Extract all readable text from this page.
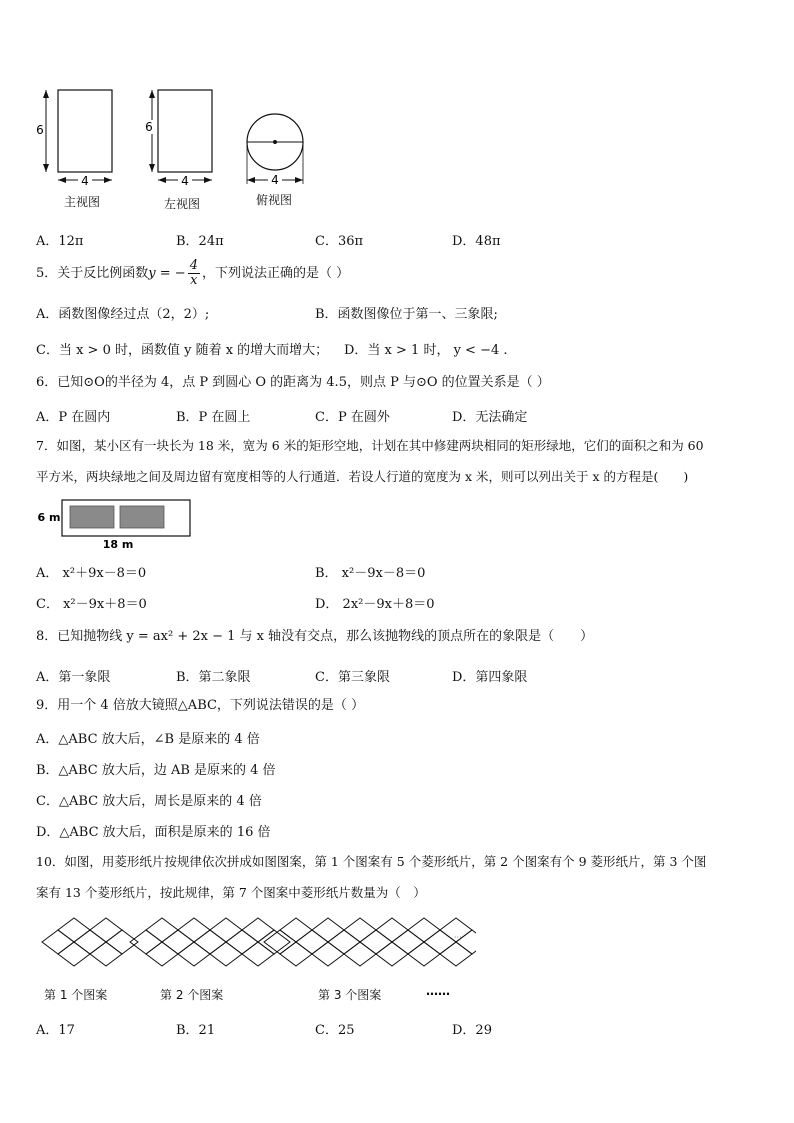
6
4
6
4	4
主视图	左视图	俯视图
A．12π	B．24π	C．36π	D．48π
5．关于反比例函数y = − $\frac{4}{x}$ ，下列说法正确的是（ ）
A．函数图像经过点（2，2）;	B．函数图像位于第一、三象限;
C．当 x > 0 时，函数值 y 随着 x 的增大而增大； D．当 x > 1 时， y < −4 .
6．已知⊙O的半径为 4，点 P 到圆心 O 的距离为 4.5，则点 P 与⊙O 的位置关系是（ ）
A．P 在圆内	B．P 在圆上	C．P 在圆外	D．无法确定
7．如图，某小区有一块长为 18 米，宽为 6 米的矩形空地，计划在其中修建两块相同的矩形绿地，它们的面积之和为 60
平方米，两块绿地之间及周边留有宽度相等的人行通道．若设人行道的宽度为 x 米，则可以列出关于 x 的方程是(　　)
6 m
18 m
A． x²＋9x－8＝0	B． x²－9x－8＝0
C． x²－9x＋8＝0	D． 2x²－9x＋8＝0
8．已知抛物线 y = ax² + 2x − 1 与 x 轴没有交点，那么该抛物线的顶点所在的象限是（　　）
A．第一象限	B．第二象限	C．第三象限	D．第四象限
9．用一个 4 倍放大镜照△ABC，下列说法错误的是（ ）
A．△ABC 放大后，∠B 是原来的 4 倍
B．△ABC 放大后，边 AB 是原来的 4 倍
C．△ABC 放大后，周长是原来的 4 倍
D．△ABC 放大后，面积是原来的 16 倍
10．如图，用菱形纸片按规律依次拼成如图图案，第 1 个图案有 5 个菱形纸片，第 2 个图案有个 9 菱形纸片，第 3 个图
案有 13 个菱形纸片，按此规律，第 7 个图案中菱形纸片数量为（　）
···
第 1 个图案	第 2 个图案	第 3 个图案	……
A．17	B．21	C．25	D．29
